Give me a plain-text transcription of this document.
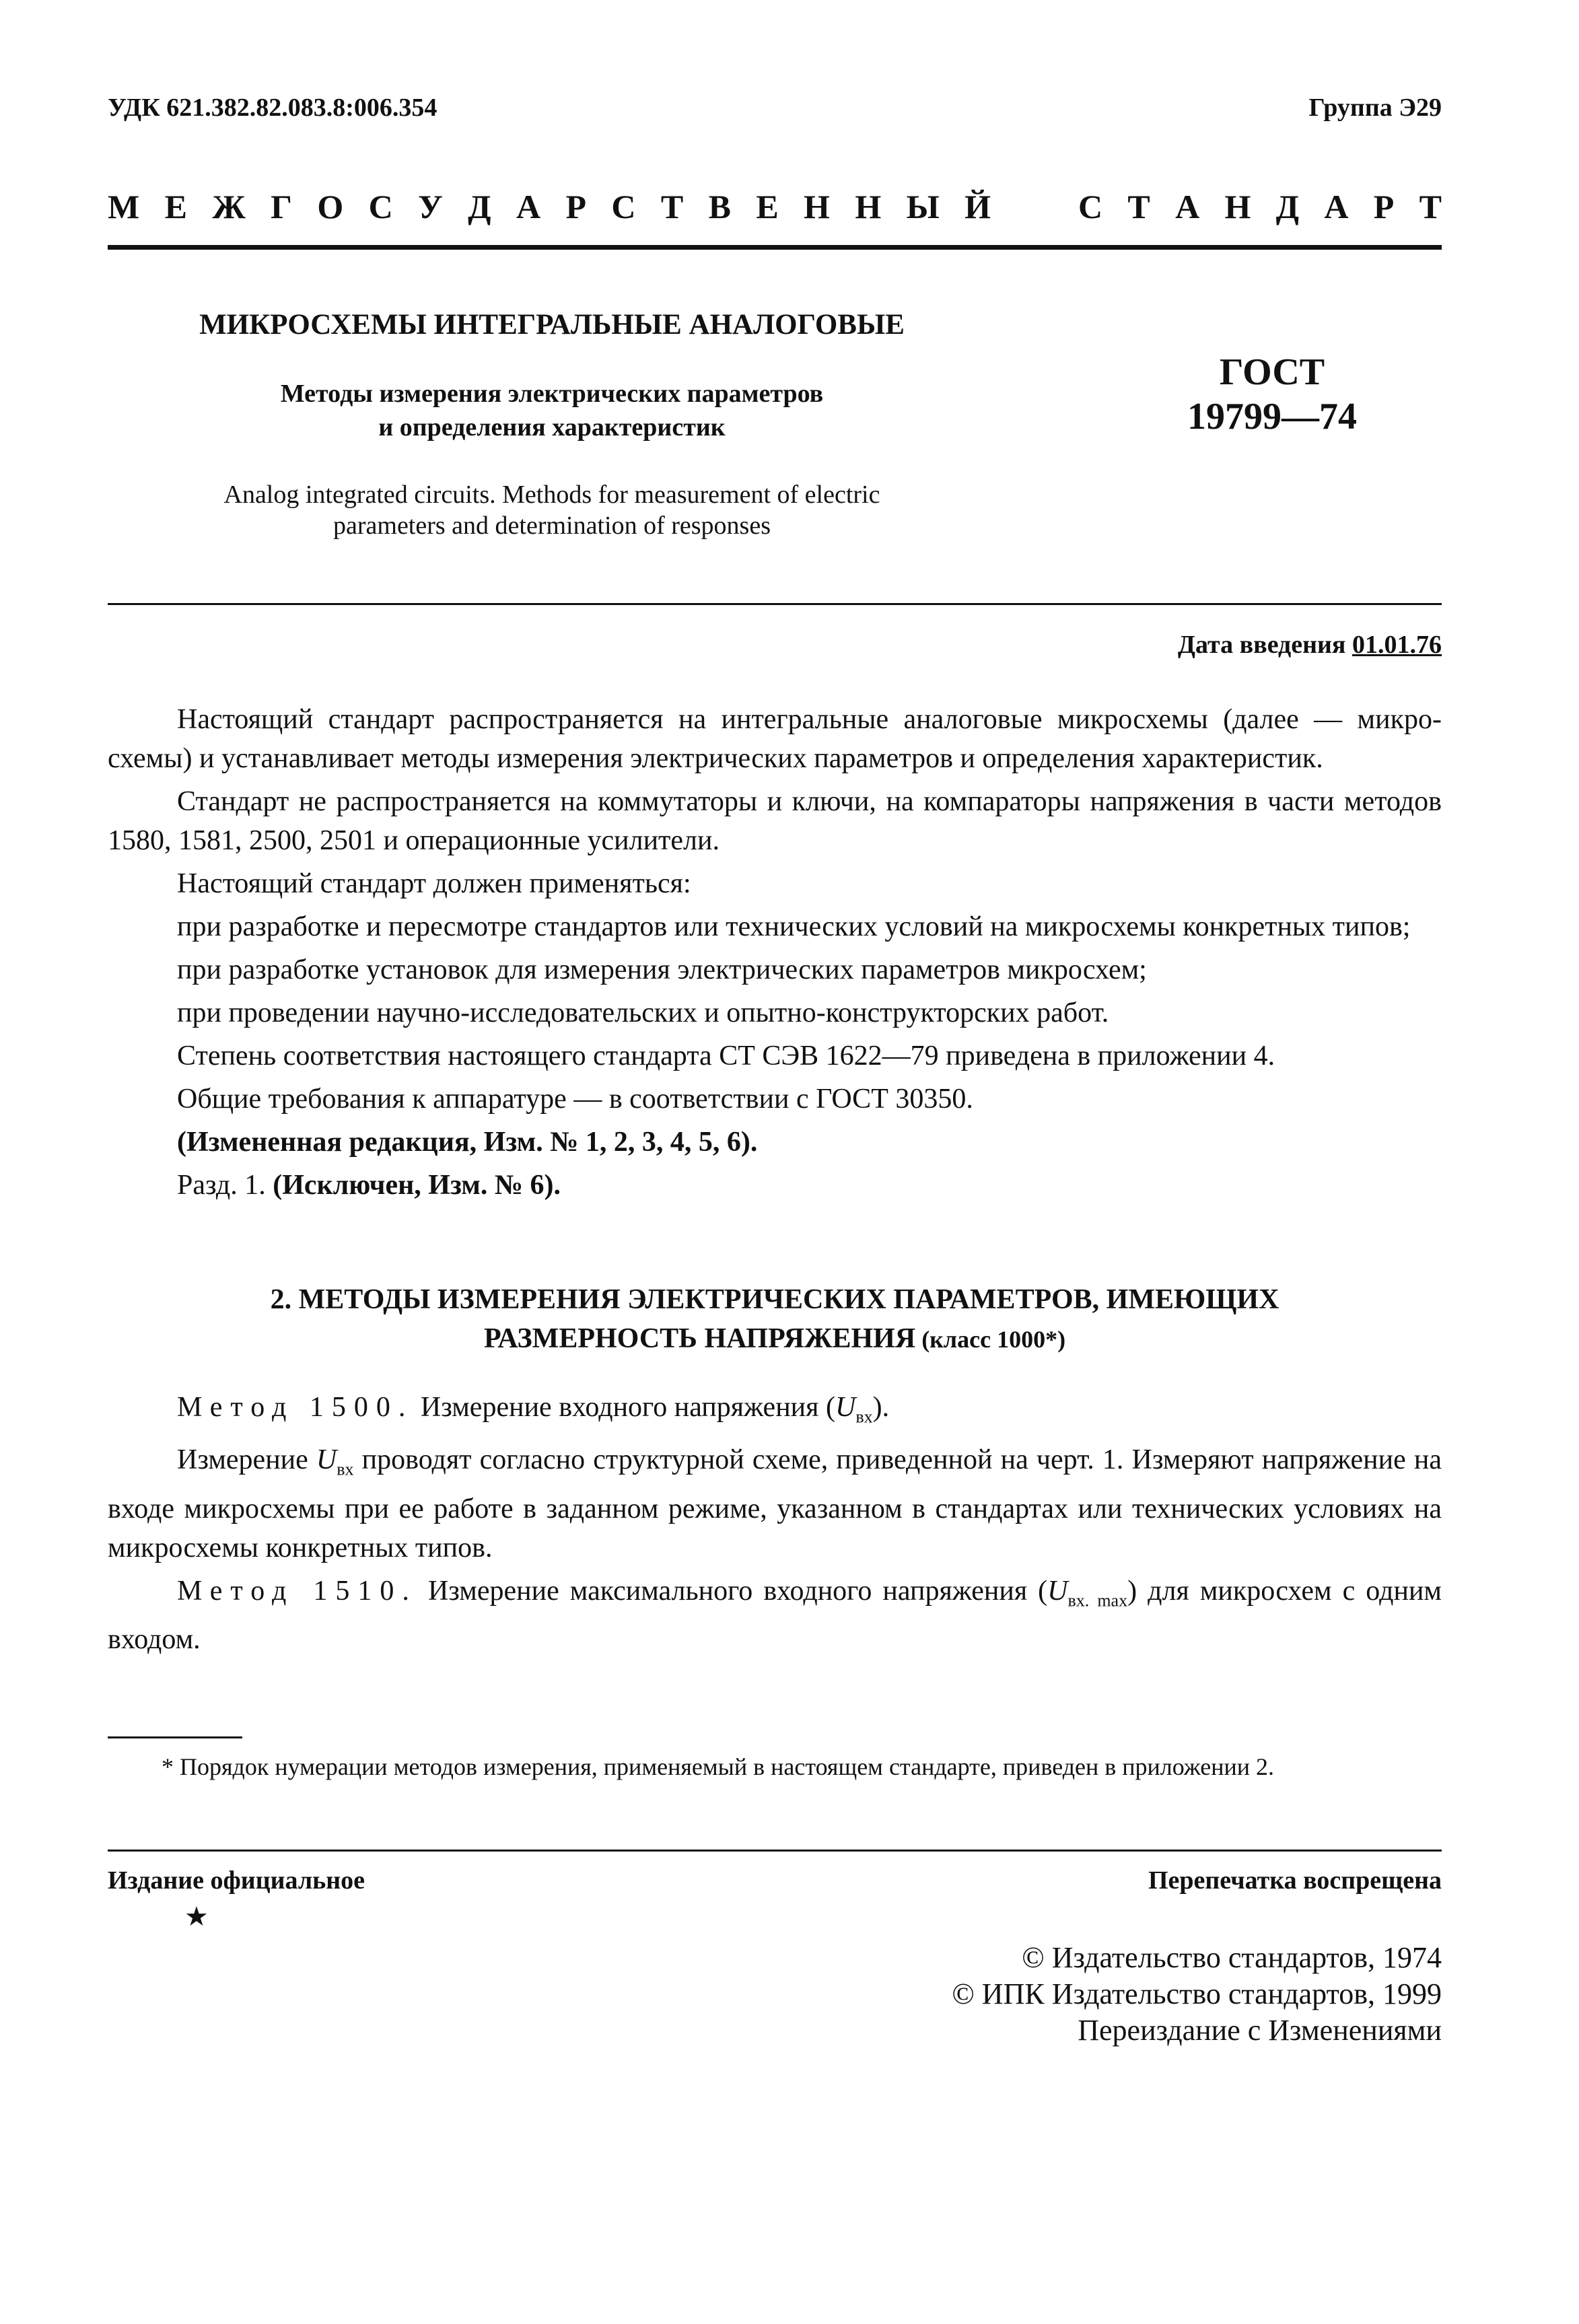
УДК 621.382.82.083.8:006.354	Группа Э29
М Е Ж Г О С У Д А Р С Т В Е Н Н Ы Й	С Т А Н Д А Р Т
МИКРОСХЕМЫ ИНТЕГРАЛЬНЫЕ АНАЛОГОВЫЕ
Методы измерения электрических параметров
и определения характеристик
ГОСТ
19799—74
Analog integrated circuits. Methods for measurement of electric
parameters and determination of responses
Дата введения 01.01.76

Настоящий стандарт распространяется на интегральные аналоговые микросхемы (далее — микросхемы) и устанавливает методы измерения электрических параметров и определения характеристик.

Стандарт не распространяется на коммутаторы и ключи, на компараторы напряжения в части методов 1580, 1581, 2500, 2501 и операционные усилители.

Настоящий стандарт должен применяться:

при разработке и пересмотре стандартов или технических условий на микросхемы конкретных типов;

при разработке установок для измерения электрических параметров микросхем;

при проведении научно-исследовательских и опытно-конструкторских работ.

Степень соответствия настоящего стандарта СТ СЭВ 1622—79 приведена в приложении 4.

Общие требования к аппаратуре — в соответствии с ГОСТ 30350.

(Измененная редакция, Изм. № 1, 2, 3, 4, 5, 6).

Разд. 1. (Исключен, Изм. № 6).

2. МЕТОДЫ ИЗМЕРЕНИЯ ЭЛЕКТРИЧЕСКИХ ПАРАМЕТРОВ, ИМЕЮЩИХ
РАЗМЕРНОСТЬ НАПРЯЖЕНИЯ (класс 1000*)

Метод 1500. Измерение входного напряжения $(U_{вх})$.

Измерение $U_{вх}$ проводят согласно структурной схеме, приведенной на черт. 1. Измеряют напряжение на входе микросхемы при ее работе в заданном режиме, указанном в стандартах или технических условиях на микросхемы конкретных типов.

Метод 1510. Измерение максимального входного напряжения $(U_{вх. max})$ для микросхем с одним входом.

* Порядок нумерации методов измерения, применяемый в настоящем стандарте, приведен в приложении 2.
Издание официальное
★
Перепечатка воспрещена
© Издательство стандартов, 1974
© ИПК Издательство стандартов, 1999
Переиздание с Изменениями
